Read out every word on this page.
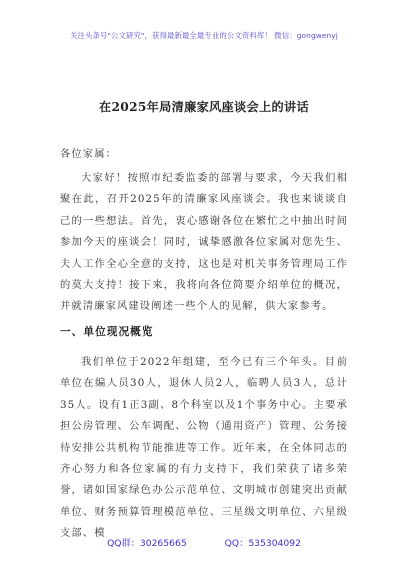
关注头条号"公文研究"，获得最新最全最专业的公文资料库！ 微信：gongwenyj
在2025年局清廉家风座谈会上的讲话
各位家属：
大家好！按照市纪委监委的部署与要求，今天我们相聚在此，召开2025年的清廉家风座谈会。我也来谈谈自己的一些想法。首先，衷心感谢各位在繁忙之中抽出时间参加今天的座谈会！同时，诚挚感激各位家属对您先生、夫人工作全心全意的支持，这也是对机关事务管理局工作的莫大支持！接下来，我将向各位简要介绍单位的概况，并就清廉家风建设阐述一些个人的见解，供大家参考。
一、单位现况概览
我们单位于2022年组建，至今已有三个年头。目前单位在编人员30人，退休人员2人，临聘人员3人，总计35人。设有1正3副、8个科室以及1个事务中心。主要承担公房管理、公车调配、公物（通用资产）管理、公务接待安排公共机构节能推进等工作。近年来，在全体同志的齐心努力和各位家属的有力支持下，我们荣获了诸多荣誉，诸如国家绿色办公示范单位、文明城市创建突出贡献单位、财务预算管理模范单位、三星级文明单位、六星级支部、模
QQ群：30265665	QQ：535304092
